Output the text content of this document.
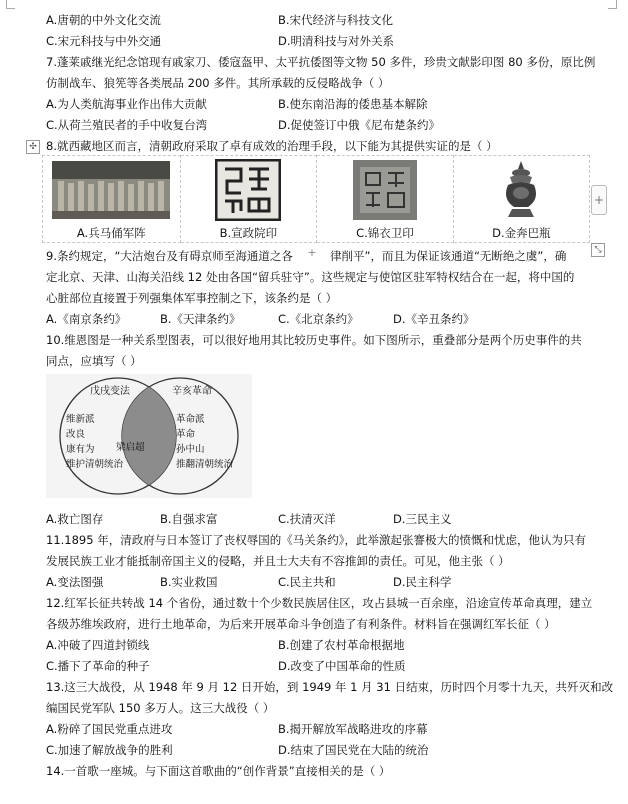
A.唐朝的中外文化交流	B.宋代经济与科技文化
C.宋元科技与中外交通	D.明清科技与对外关系
7.蓬莱戚继光纪念馆现有戚家刀、倭寇盔甲、太平抗倭图等文物 50 多件，珍贵文献影印图 80 多份，原比例
仿制战车、狼筅等各类展品 200 多件。其所承载的反侵略战争（ ）
A.为人类航海事业作出伟大贡献	B.使东南沿海的倭患基本解除
C.从荷兰殖民者的手中收复台湾	D.促使签订中俄《尼布楚条约》
✣ 8.就西藏地区而言，清朝政府采取了卓有成效的治理手段，以下能为其提供实证的是（ ）
A.兵马俑军阵	B.宣政院印	C.锦衣卫印	D.金奔巴瓶
+
⤡
9.条约规定，“大沽炮台及有碍京师至海通道之各	+	律削平”，而且为保证该通道“无断绝之虞”，确
定北京、天津、山海关沿线 12 处由各国“留兵驻守”。这些规定与使馆区驻军特权结合在一起，将中国的
心脏部位直接置于列强集体军事控制之下，该条约是（ ）
A.《南京条约》	B.《天津条约》	C.《北京条约》	D.《辛丑条约》
10.维恩图是一种关系型图表，可以很好地用其比较历史事件。如下图所示，重叠部分是两个历史事件的共
同点，应填写（ ）
戊戌变法	辛亥革命
维新派
改良
康有为
维护清朝统治
梁启超
革命派
革命
孙中山
推翻清朝统治
A.救亡图存	B.自强求富	C.扶清灭洋	D.三民主义
11.1895 年，清政府与日本签订了丧权辱国的《马关条约》，此举激起张謇极大的愤慨和忧虑，他认为只有
发展民族工业才能抵制帝国主义的侵略，并且士大夫有不容推卸的责任。可见，他主张（ ）
A.变法图强	B.实业救国	C.民主共和	D.民主科学
12.红军长征共转战 14 个省份，通过数十个少数民族居住区，攻占县城一百余座，沿途宣传革命真理，建立
各级苏维埃政府，进行土地革命，为后来开展革命斗争创造了有利条件。材料旨在强调红军长征（ ）
A.冲破了四道封锁线	B.创建了农村革命根据地
C.播下了革命的种子	D.改变了中国革命的性质
13.这三大战役，从 1948 年 9 月 12 日开始，到 1949 年 1 月 31 日结束，历时四个月零十九天，共歼灭和改
编国民党军队 150 多万人。这三大战役（ ）
A.粉碎了国民党重点进攻	B.揭开解放军战略进攻的序幕
C.加速了解放战争的胜利	D.结束了国民党在大陆的统治
14.一首歌一座城。与下面这首歌曲的“创作背景”直接相关的是（ ）
